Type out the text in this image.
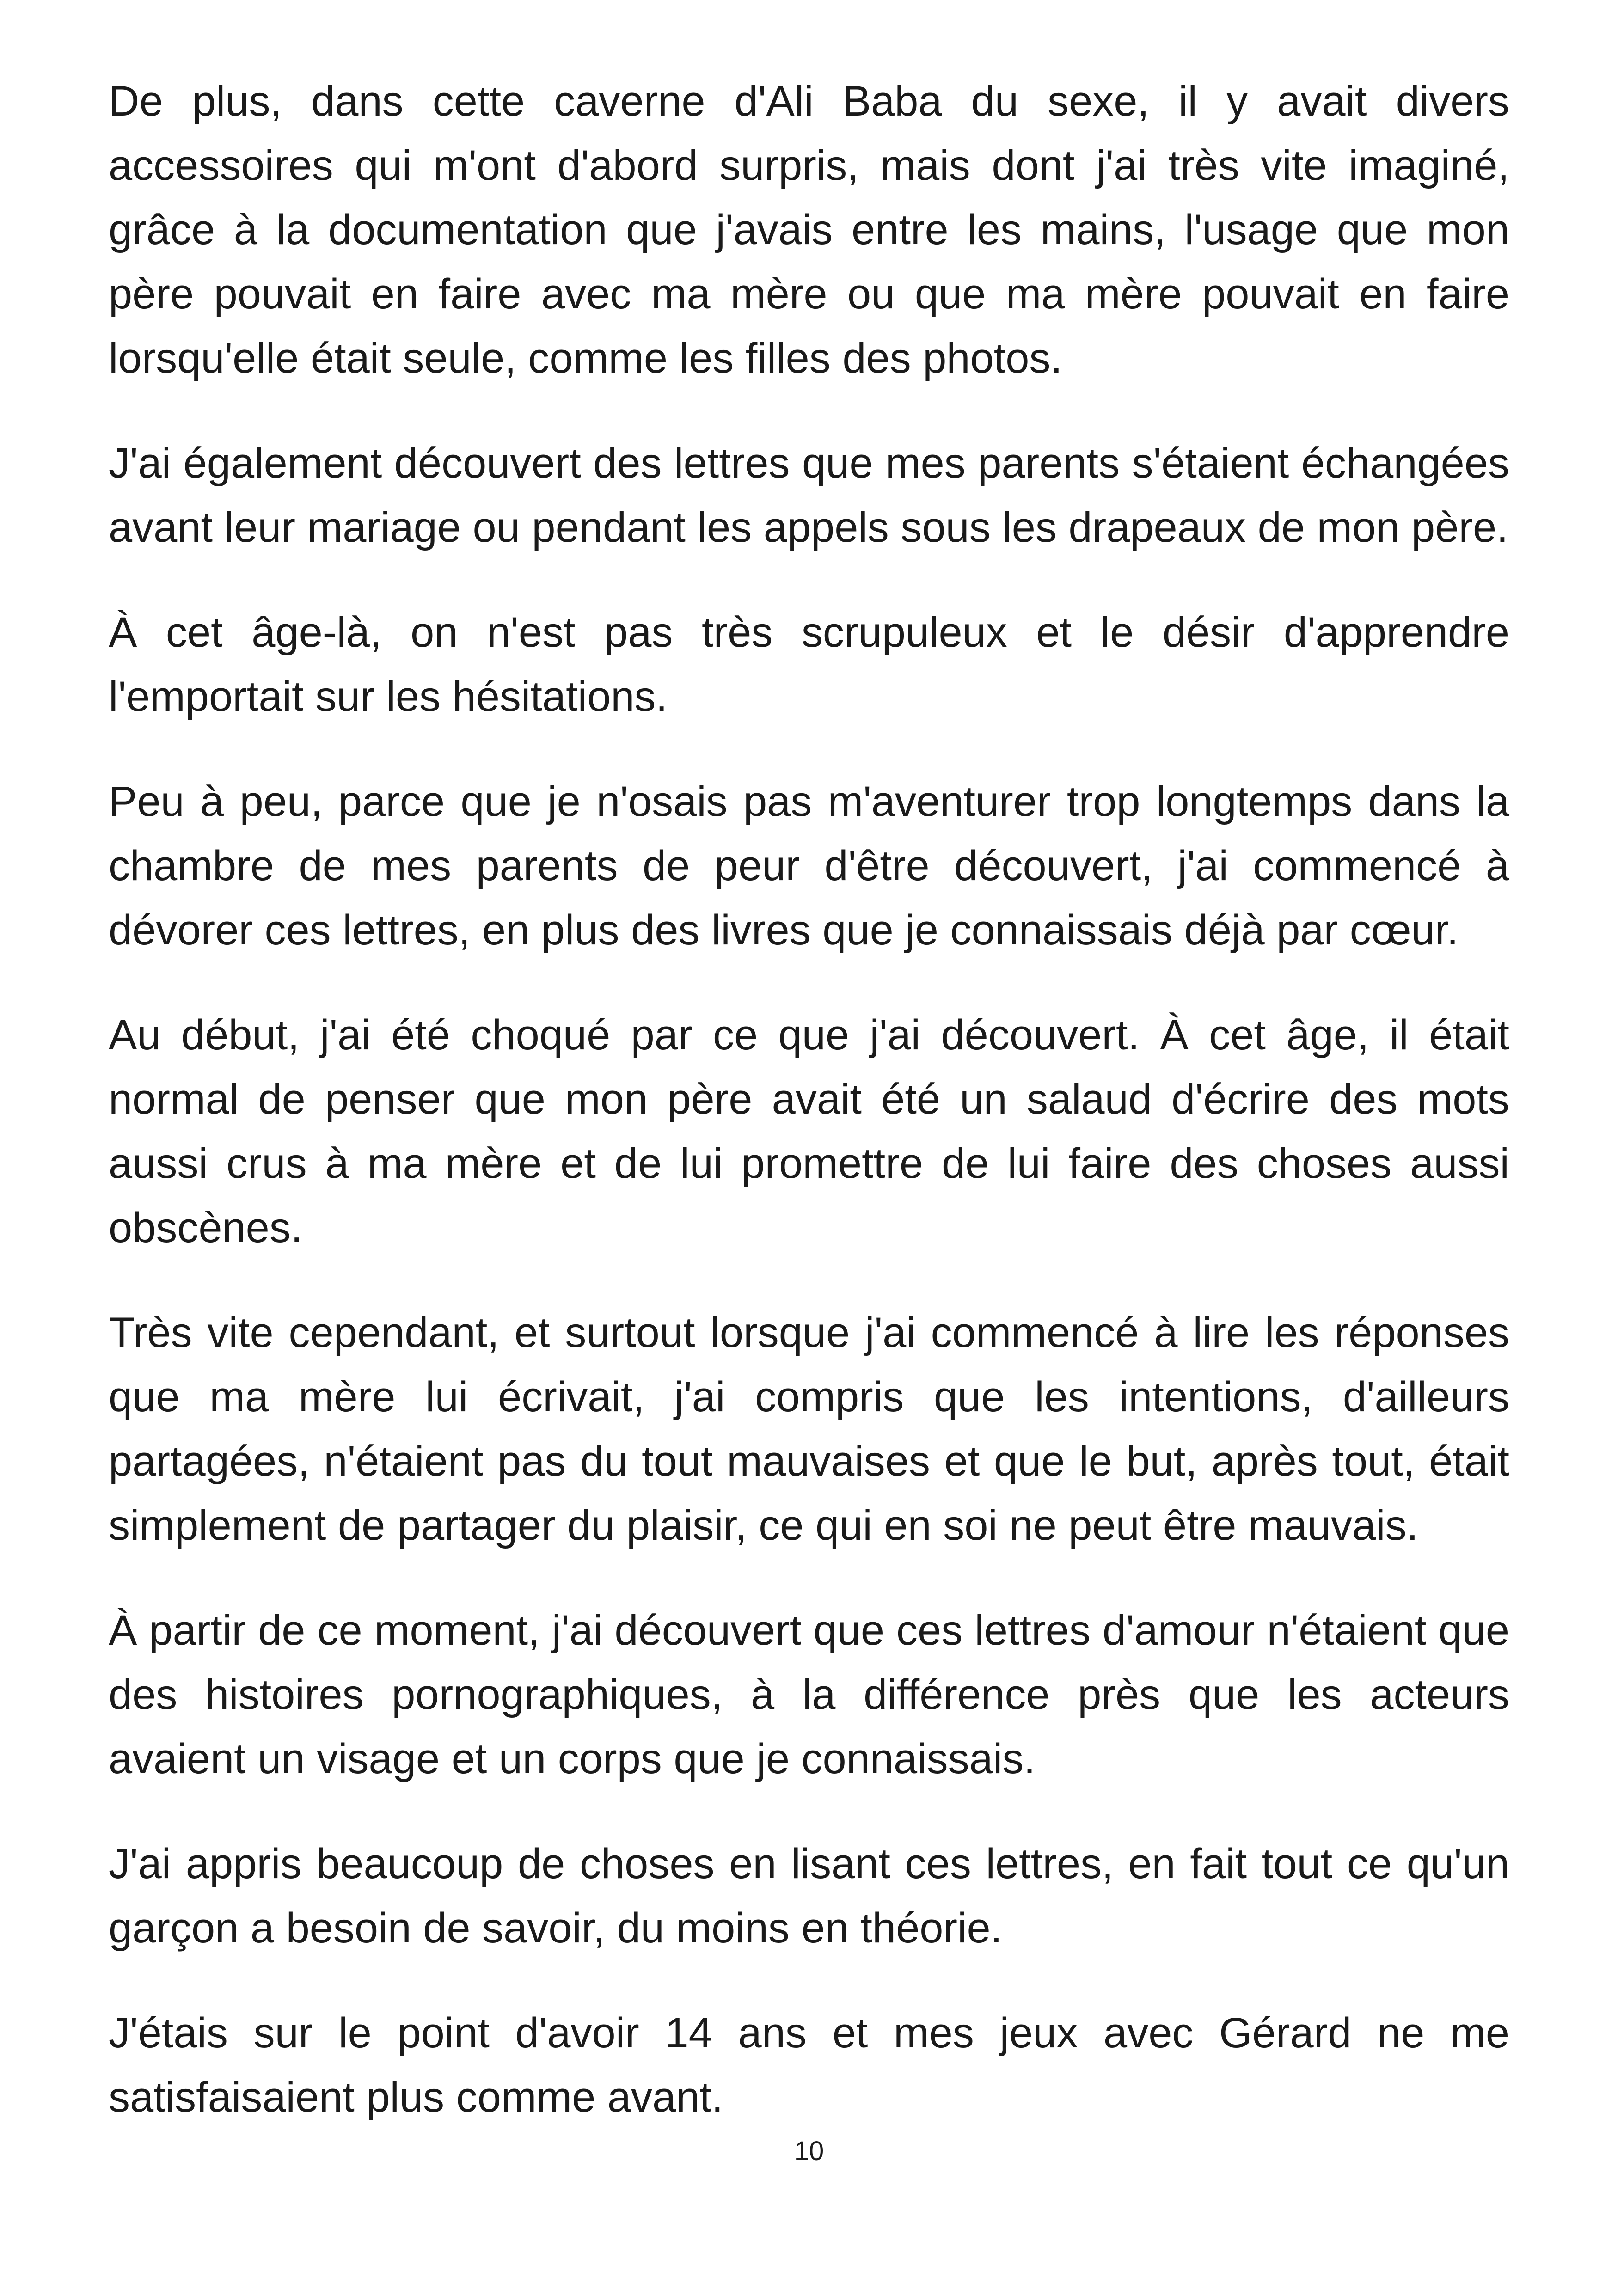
De plus, dans cette caverne d'Ali Baba du sexe, il y avait divers accessoires qui m'ont d'abord surpris, mais dont j'ai très vite imaginé, grâce à la documentation que j'avais entre les mains, l'usage que mon père pouvait en faire avec ma mère ou que ma mère pouvait en faire lorsqu'elle était seule, comme les filles des photos.

J'ai également découvert des lettres que mes parents s'étaient échangées avant leur mariage ou pendant les appels sous les drapeaux de mon père.

À cet âge-là, on n'est pas très scrupuleux et le désir d'apprendre l'emportait sur les hésitations.

Peu à peu, parce que je n'osais pas m'aventurer trop longtemps dans la chambre de mes parents de peur d'être découvert, j'ai commencé à dévorer ces lettres, en plus des livres que je connaissais déjà par cœur.

Au début, j'ai été choqué par ce que j'ai découvert. À cet âge, il était normal de penser que mon père avait été un salaud d'écrire des mots aussi crus à ma mère et de lui promettre de lui faire des choses aussi obscènes.

Très vite cependant, et surtout lorsque j'ai commencé à lire les réponses que ma mère lui écrivait, j'ai compris que les intentions, d'ailleurs partagées, n'étaient pas du tout mauvaises et que le but, après tout, était simplement de partager du plaisir, ce qui en soi ne peut être mauvais.

À partir de ce moment, j'ai découvert que ces lettres d'amour n'étaient que des histoires pornographiques, à la différence près que les acteurs avaient un visage et un corps que je connaissais.

J'ai appris beaucoup de choses en lisant ces lettres, en fait tout ce qu'un garçon a besoin de savoir, du moins en théorie.

J'étais sur le point d'avoir 14 ans et mes jeux avec Gérard ne me satisfaisaient plus comme avant.

10
